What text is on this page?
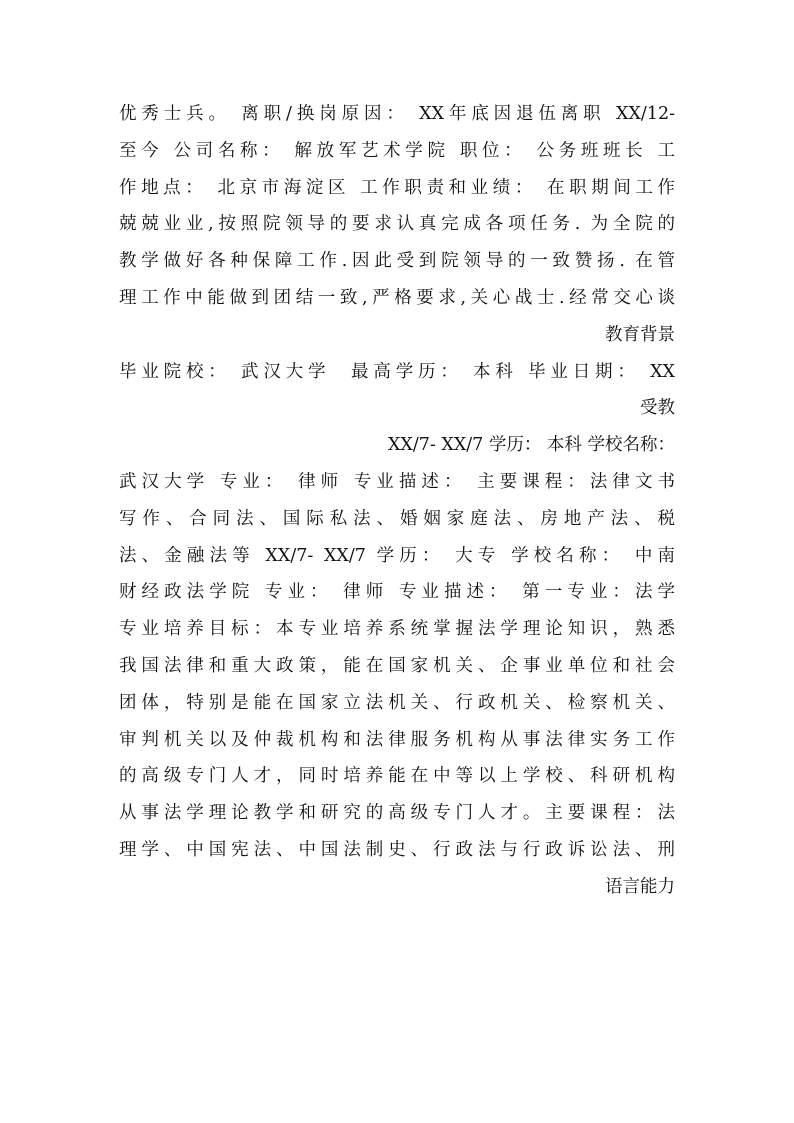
优秀士兵。 离职/换岗原因： XX年底因退伍离职 XX/12-
至今 公司名称： 解放军艺术学院 职位： 公务班班长 工
作地点： 北京市海淀区 工作职责和业绩： 在职期间工作
兢兢业业,按照院领导的要求认真完成各项任务. 为全院的
教学做好各种保障工作.因此受到院领导的一致赞扬. 在管
理工作中能做到团结一致,严格要求,关心战士.经常交心谈

教育背景

毕业院校： 武汉大学  最高学历： 本科 毕业日期： XX

受教

XX/7- XX/7 学历： 本科 学校名称：

武汉大学 专业： 律师 专业描述： 主要课程：法律文书
写作、合同法、国际私法、婚姻家庭法、房地产法、税
法、金融法等 XX/7- XX/7 学历： 大专 学校名称： 中南
财经政法学院 专业： 律师 专业描述： 第一专业：法学
专业培养目标：本专业培养系统掌握法学理论知识，熟悉
我国法律和重大政策，能在国家机关、企事业单位和社会
团体，特别是能在国家立法机关、行政机关、检察机关、
审判机关以及仲裁机构和法律服务机构从事法律实务工作
的高级专门人才，同时培养能在中等以上学校、科研机构
从事法学理论教学和研究的高级专门人才。主要课程：法
理学、中国宪法、中国法制史、行政法与行政诉讼法、刑

语言能力
